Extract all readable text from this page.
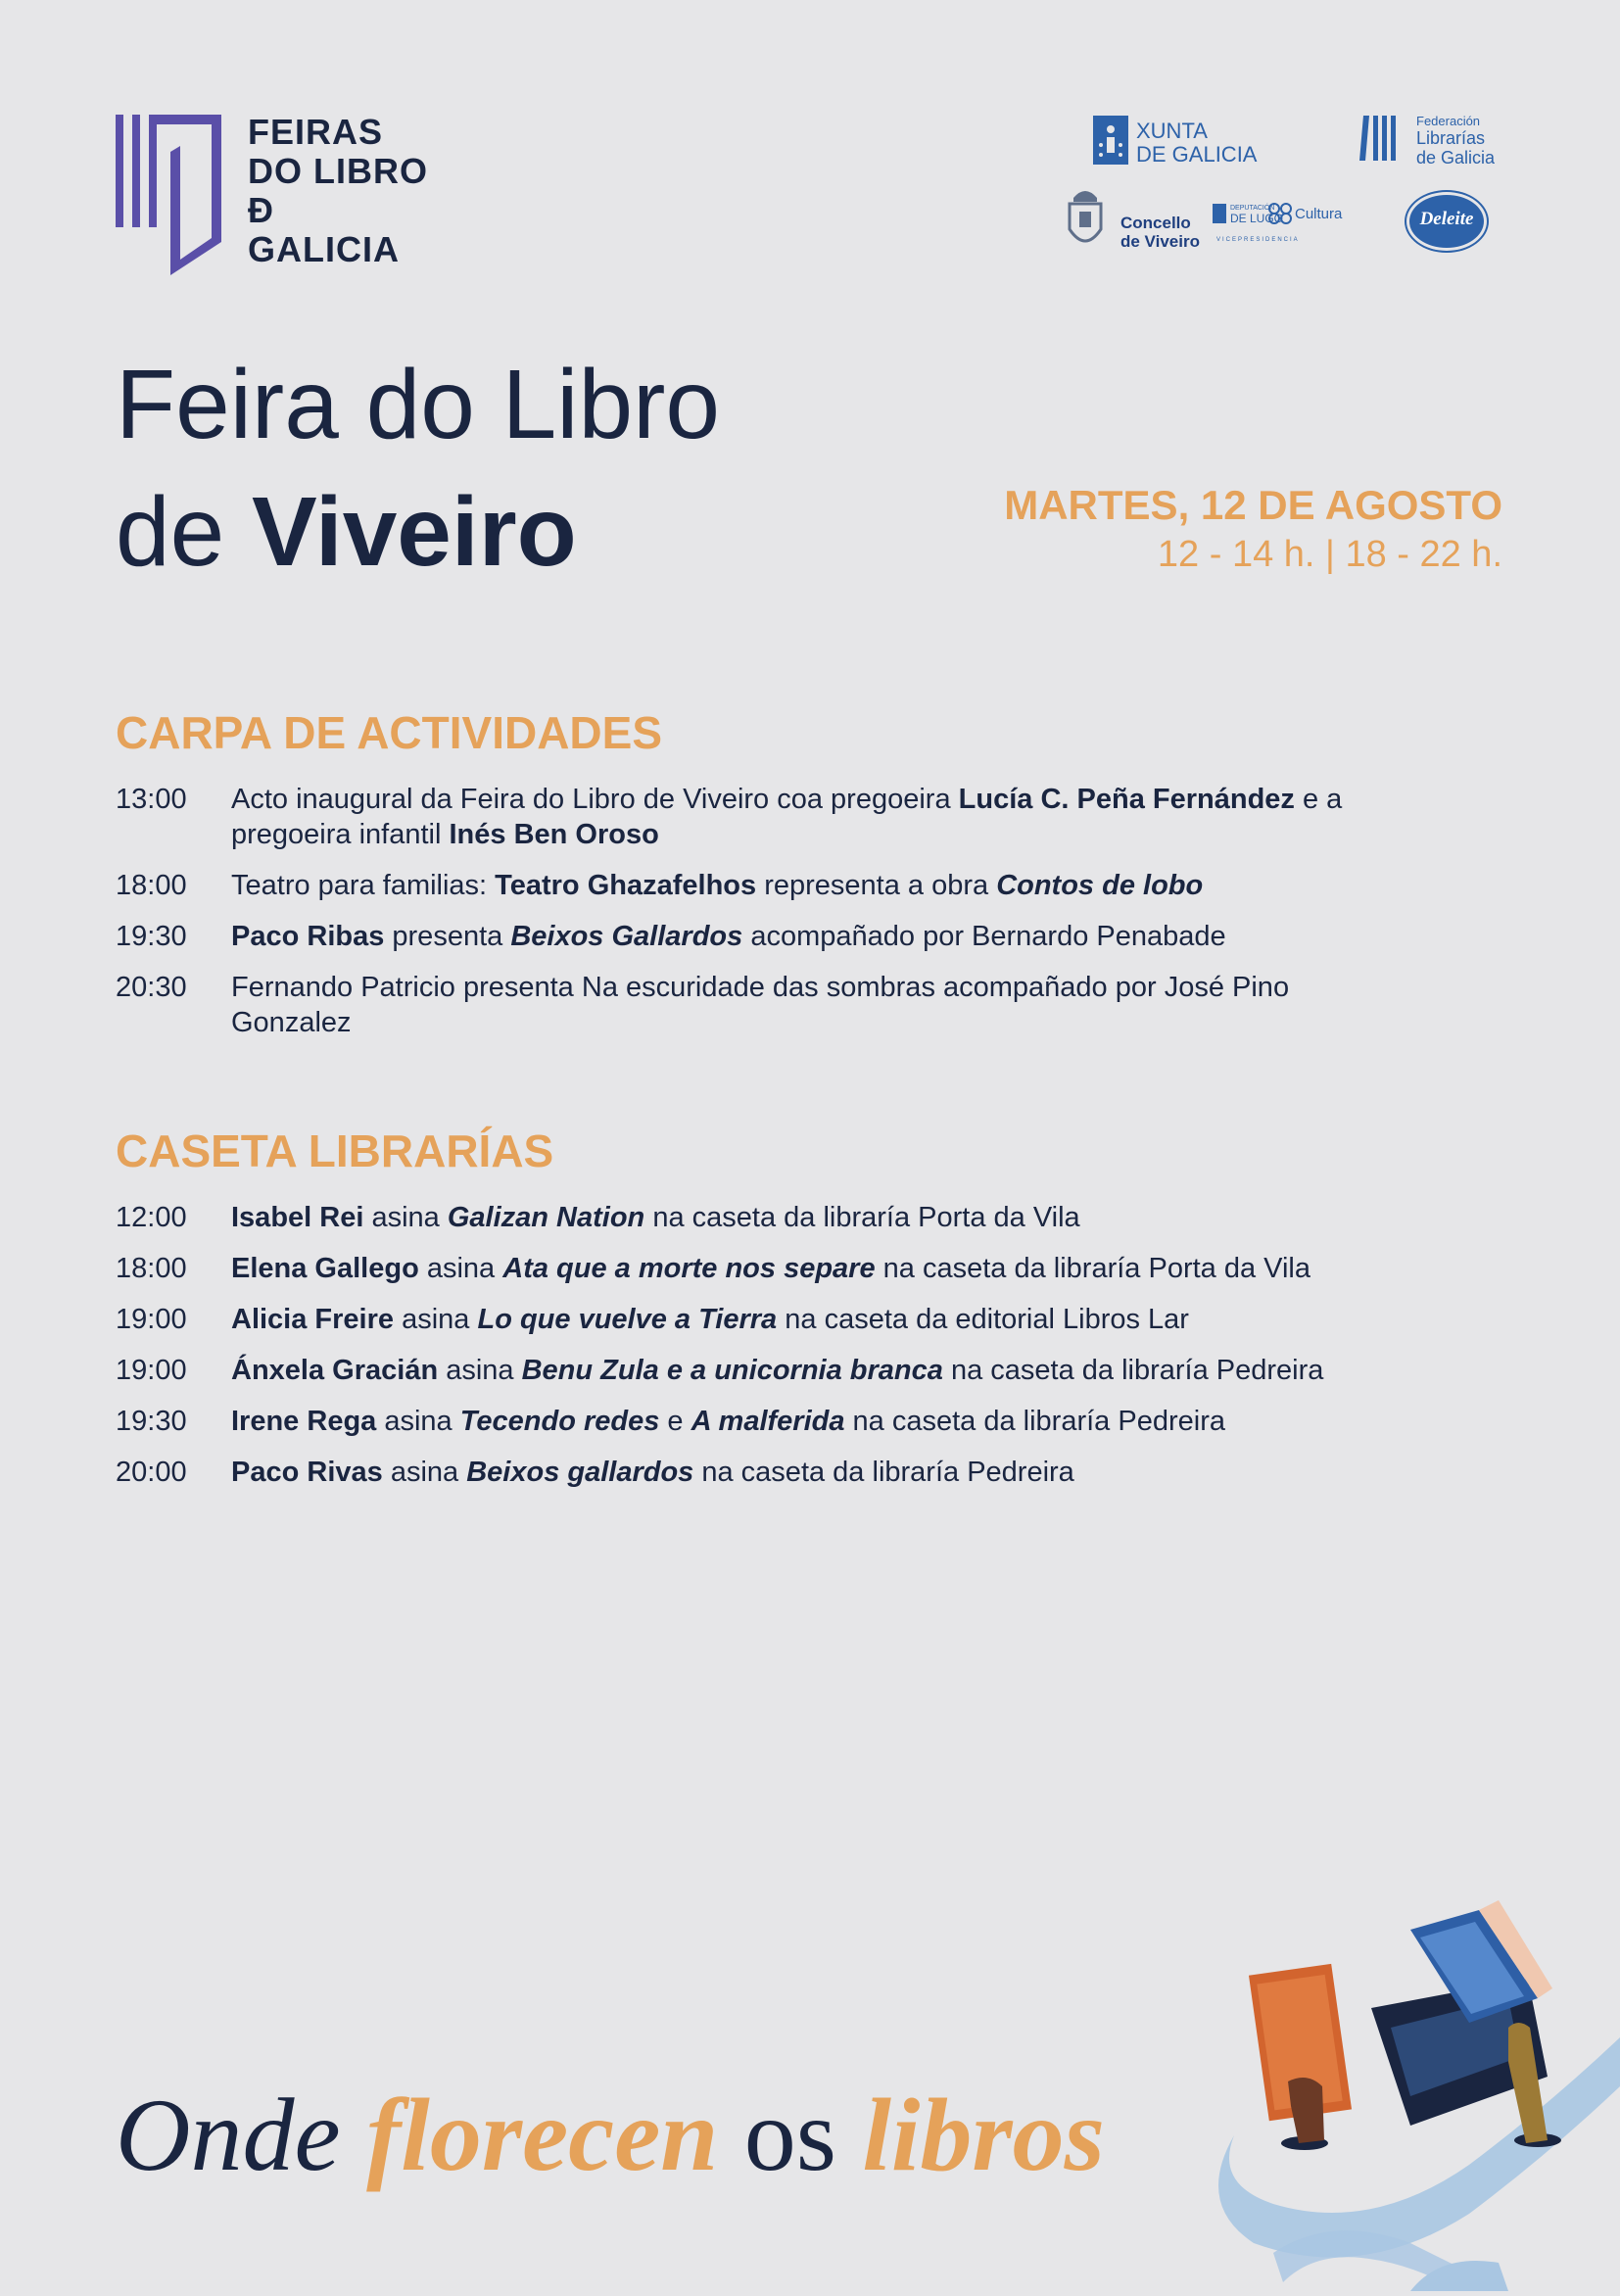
FEIRAS
DO LIBRO
Đ GALICIA
XUNTA
DE GALICIA
Federación
Librarías
de Galicia
Concello
de Viveiro
DEPUTACIÓN
DE LUGO Cultura
VICEPRESIDENCIA
Deleite
Feira do Libro
de Viveiro	MARTES, 12 DE AGOSTO
12 - 14 h. | 18 - 22 h.
CARPA DE ACTIVIDADES
13:00	Acto inaugural da Feira do Libro de Viveiro coa pregoeira Lucía C. Peña Fernández e a pregoeira infantil Inés Ben Oroso
18:00	Teatro para familias: Teatro Ghazafelhos representa a obra Contos de lobo
19:30	Paco Ribas presenta Beixos Gallardos acompañado por Bernardo Penabade
20:30	Fernando Patricio presenta Na escuridade das sombras acompañado por José Pino Gonzalez
CASETA LIBRARÍAS
12:00	Isabel Rei asina Galizan Nation na caseta da libraría Porta da Vila
18:00	Elena Gallego asina Ata que a morte nos separe na caseta da libraría Porta da Vila
19:00	Alicia Freire asina Lo que vuelve a Tierra na caseta da editorial Libros Lar
19:00	Ánxela Gracián asina Benu Zula e a unicornia branca na caseta da libraría Pedreira
19:30	Irene Rega asina Tecendo redes e A malferida na caseta da libraría Pedreira
20:00	Paco Rivas asina Beixos gallardos na caseta da libraría Pedreira
Onde florecen os libros
